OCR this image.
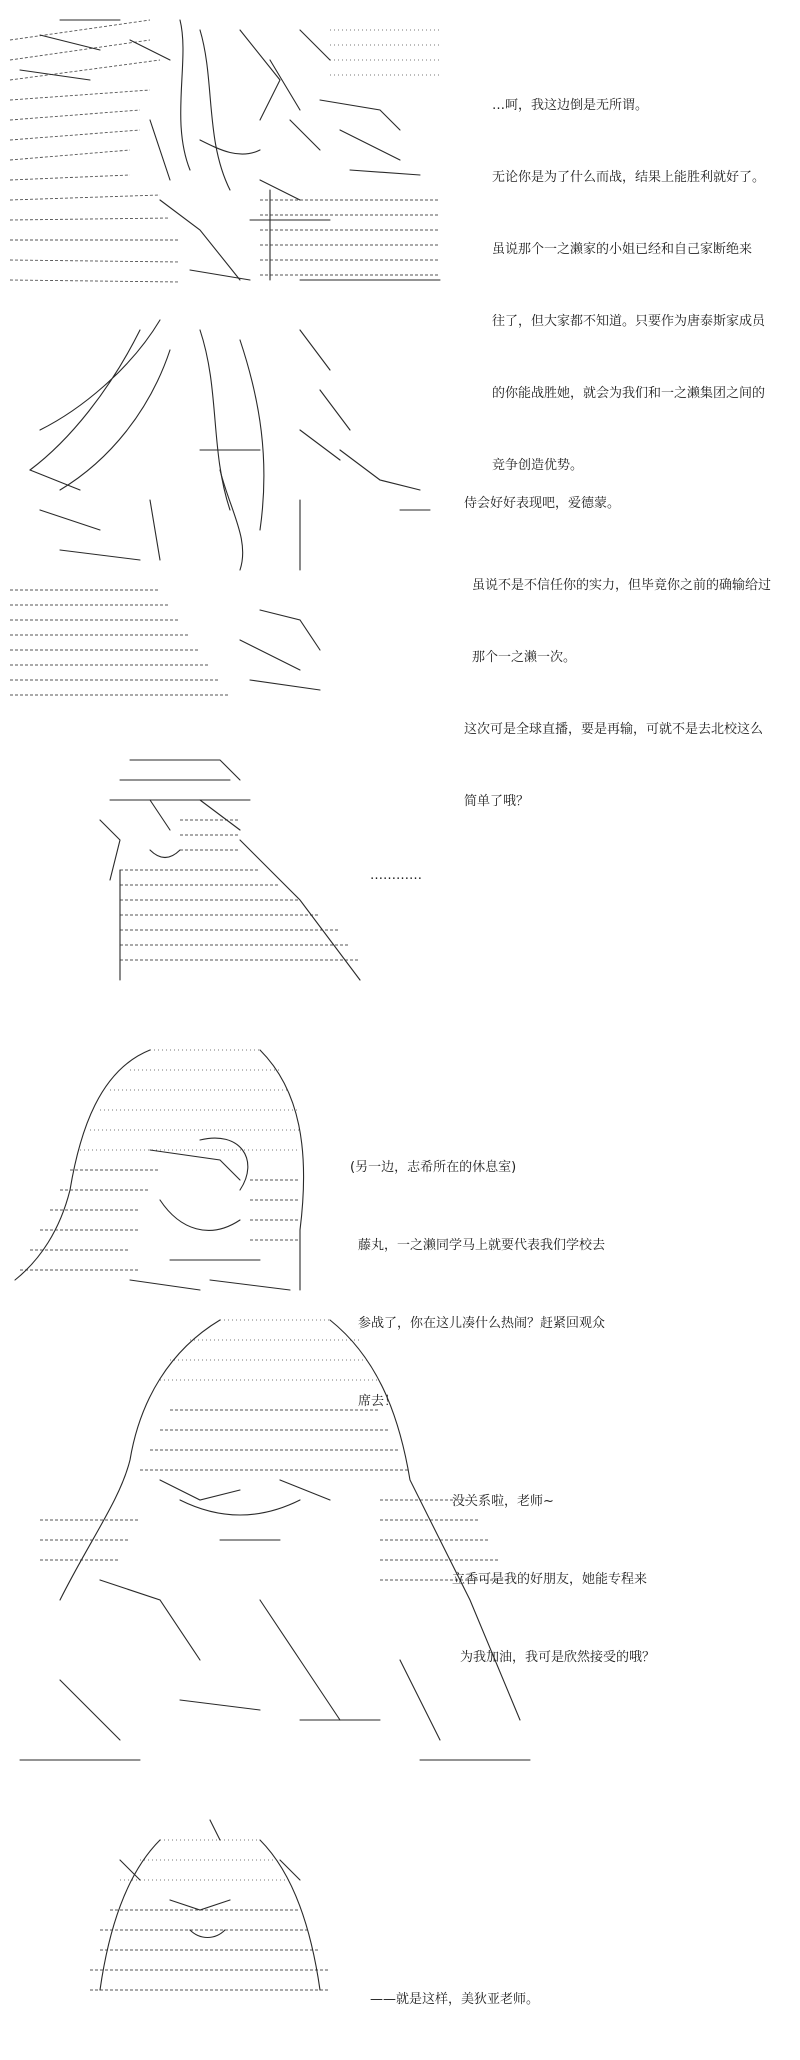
…呵，我这边倒是无所谓。

无论你是为了什么而战，结果上能胜利就好了。

虽说那个一之濑家的小姐已经和自己家断绝来

往了，但大家都不知道。只要作为唐泰斯家成员

的你能战胜她，就会为我们和一之濑集团之间的

竞争创造优势。

侍会好好表现吧，爱德蒙。

虽说不是不信任你的实力，但毕竟你之前的确输给过

那个一之濑一次。

这次可是全球直播，要是再输，可就不是去北校这么

简单了哦？

…………

(另一边，志希所在的休息室)

藤丸，一之濑同学马上就要代表我们学校去

参战了，你在这儿凑什么热闹？赶紧回观众

席去！

没关系啦，老师~

立香可是我的好朋友，她能专程来

为我加油，我可是欣然接受的哦？

——就是这样，美狄亚老师。
